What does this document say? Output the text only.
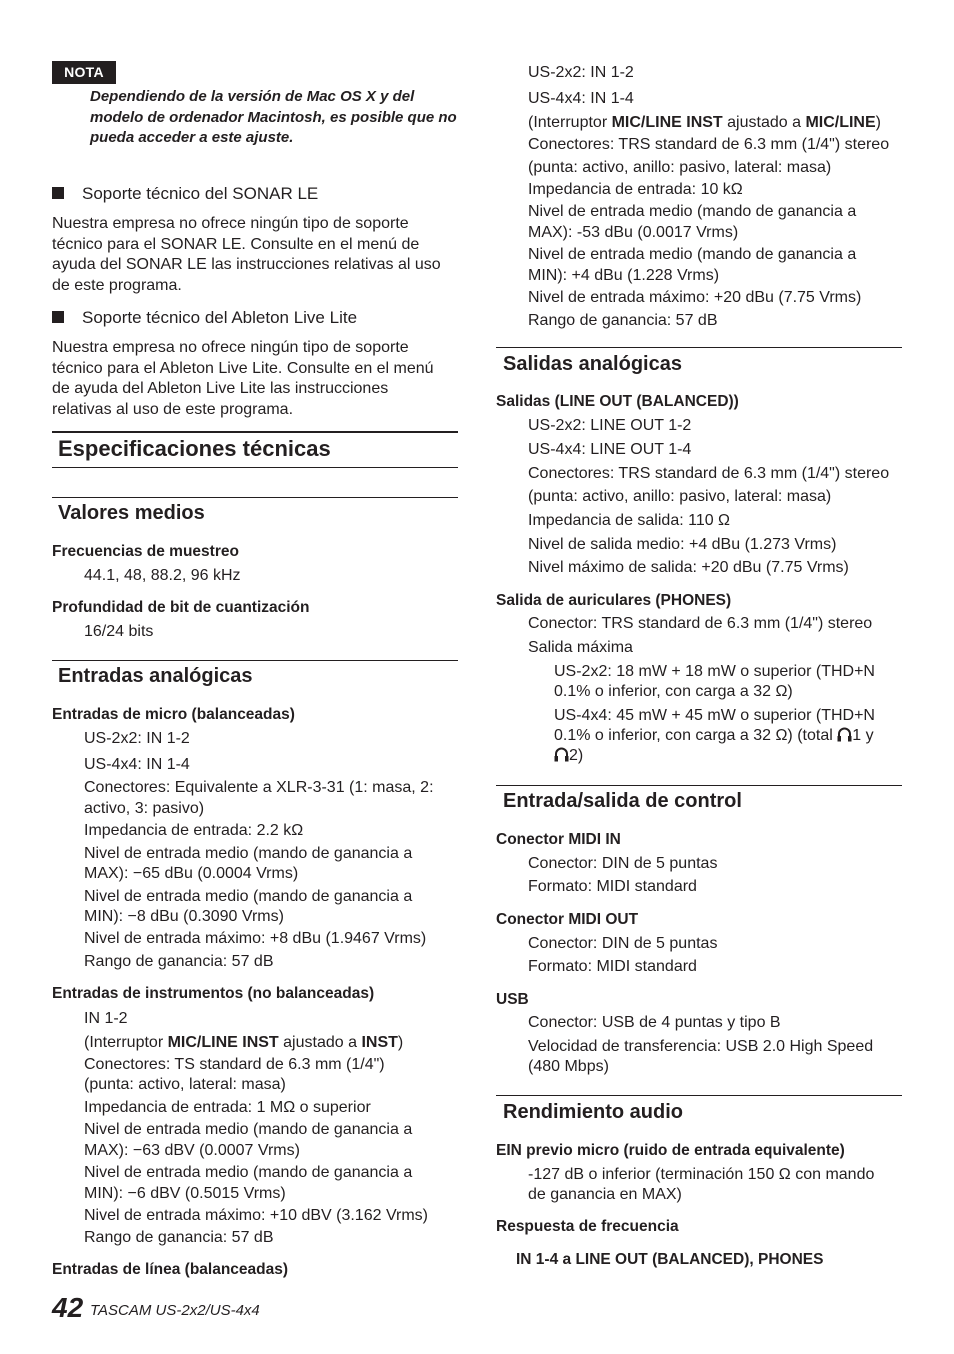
NOTA
Dependiendo de la versión de Mac OS X y del modelo de ordenador Macintosh, es posible que no pueda acceder a este ajuste.
Soporte técnico del SONAR LE
Nuestra empresa no ofrece ningún tipo de soporte
técnico para el SONAR LE. Consulte en el menú de
ayuda del SONAR LE las instrucciones relativas al uso
de este programa.
Soporte técnico del Ableton Live Lite
Nuestra empresa no ofrece ningún tipo de soporte
técnico para el Ableton Live Lite. Consulte en el menú
de ayuda del Ableton Live Lite las instrucciones
relativas al uso de este programa.
Especificaciones técnicas
Valores medios
Frecuencias de muestreo
44.1, 48, 88.2, 96 kHz
Profundidad de bit de cuantización
16/24 bits
Entradas analógicas
Entradas de micro (balanceadas)
US-2x2: IN 1-2
US-4x4: IN 1-4
Conectores: Equivalente a XLR-3-31 (1: masa, 2:
activo, 3: pasivo)
Impedancia de entrada: 2.2 kΩ
Nivel de entrada medio (mando de ganancia a
MAX): −65 dBu (0.0004 Vrms)
Nivel de entrada medio (mando de ganancia a
MIN): −8 dBu (0.3090 Vrms)
Nivel de entrada máximo: +8 dBu (1.9467 Vrms)
Rango de ganancia: 57 dB
Entradas de instrumentos (no balanceadas)
IN 1-2
(Interruptor MIC/LINE INST ajustado a INST)
Conectores: TS standard de 6.3 mm (1/4")
(punta: activo, lateral: masa)
Impedancia de entrada: 1 MΩ o superior
Nivel de entrada medio (mando de ganancia a
MAX): −63 dBV (0.0007 Vrms)
Nivel de entrada medio (mando de ganancia a
MIN): −6 dBV (0.5015 Vrms)
Nivel de entrada máximo: +10 dBV (3.162 Vrms)
Rango de ganancia: 57 dB
Entradas de línea (balanceadas)
US-2x2: IN 1-2
US-4x4: IN 1-4
(Interruptor MIC/LINE INST ajustado a MIC/LINE)
Conectores: TRS standard de 6.3 mm (1/4") stereo
(punta: activo, anillo: pasivo, lateral: masa)
Impedancia de entrada: 10 kΩ
Nivel de entrada medio (mando de ganancia a
MAX): -53 dBu (0.0017 Vrms)
Nivel de entrada medio (mando de ganancia a
MIN): +4 dBu (1.228 Vrms)
Nivel de entrada máximo: +20 dBu (7.75 Vrms)
Rango de ganancia: 57 dB
Salidas analógicas
Salidas (LINE OUT (BALANCED))
US-2x2: LINE OUT 1-2
US-4x4: LINE OUT 1-4
Conectores: TRS standard de 6.3 mm (1/4") stereo
(punta: activo, anillo: pasivo, lateral: masa)
Impedancia de salida: 110 Ω
Nivel de salida medio: +4 dBu (1.273 Vrms)
Nivel máximo de salida: +20 dBu (7.75 Vrms)
Salida de auriculares (PHONES)
Conector: TRS standard de 6.3 mm (1/4") stereo
Salida máxima
US-2x2: 18 mW + 18 mW o superior (THD+N
0.1% o inferior, con carga a 32 Ω)
US-4x4: 45 mW + 45 mW o superior (THD+N
0.1% o inferior, con carga a 32 Ω) (total 1 y
2)
Entrada/salida de control
Conector MIDI IN
Conector: DIN de 5 puntas
Formato: MIDI standard
Conector MIDI OUT
Conector: DIN de 5 puntas
Formato: MIDI standard
USB
Conector: USB de 4 puntas y tipo B
Velocidad de transferencia: USB 2.0 High Speed
(480 Mbps)
Rendimiento audio
EIN previo micro (ruido de entrada equivalente)
-127 dB o inferior (terminación 150 Ω con mando
de ganancia en MAX)
Respuesta de frecuencia
IN 1-4 a LINE OUT (BALANCED), PHONES
42 TASCAM US-2x2/US-4x4
